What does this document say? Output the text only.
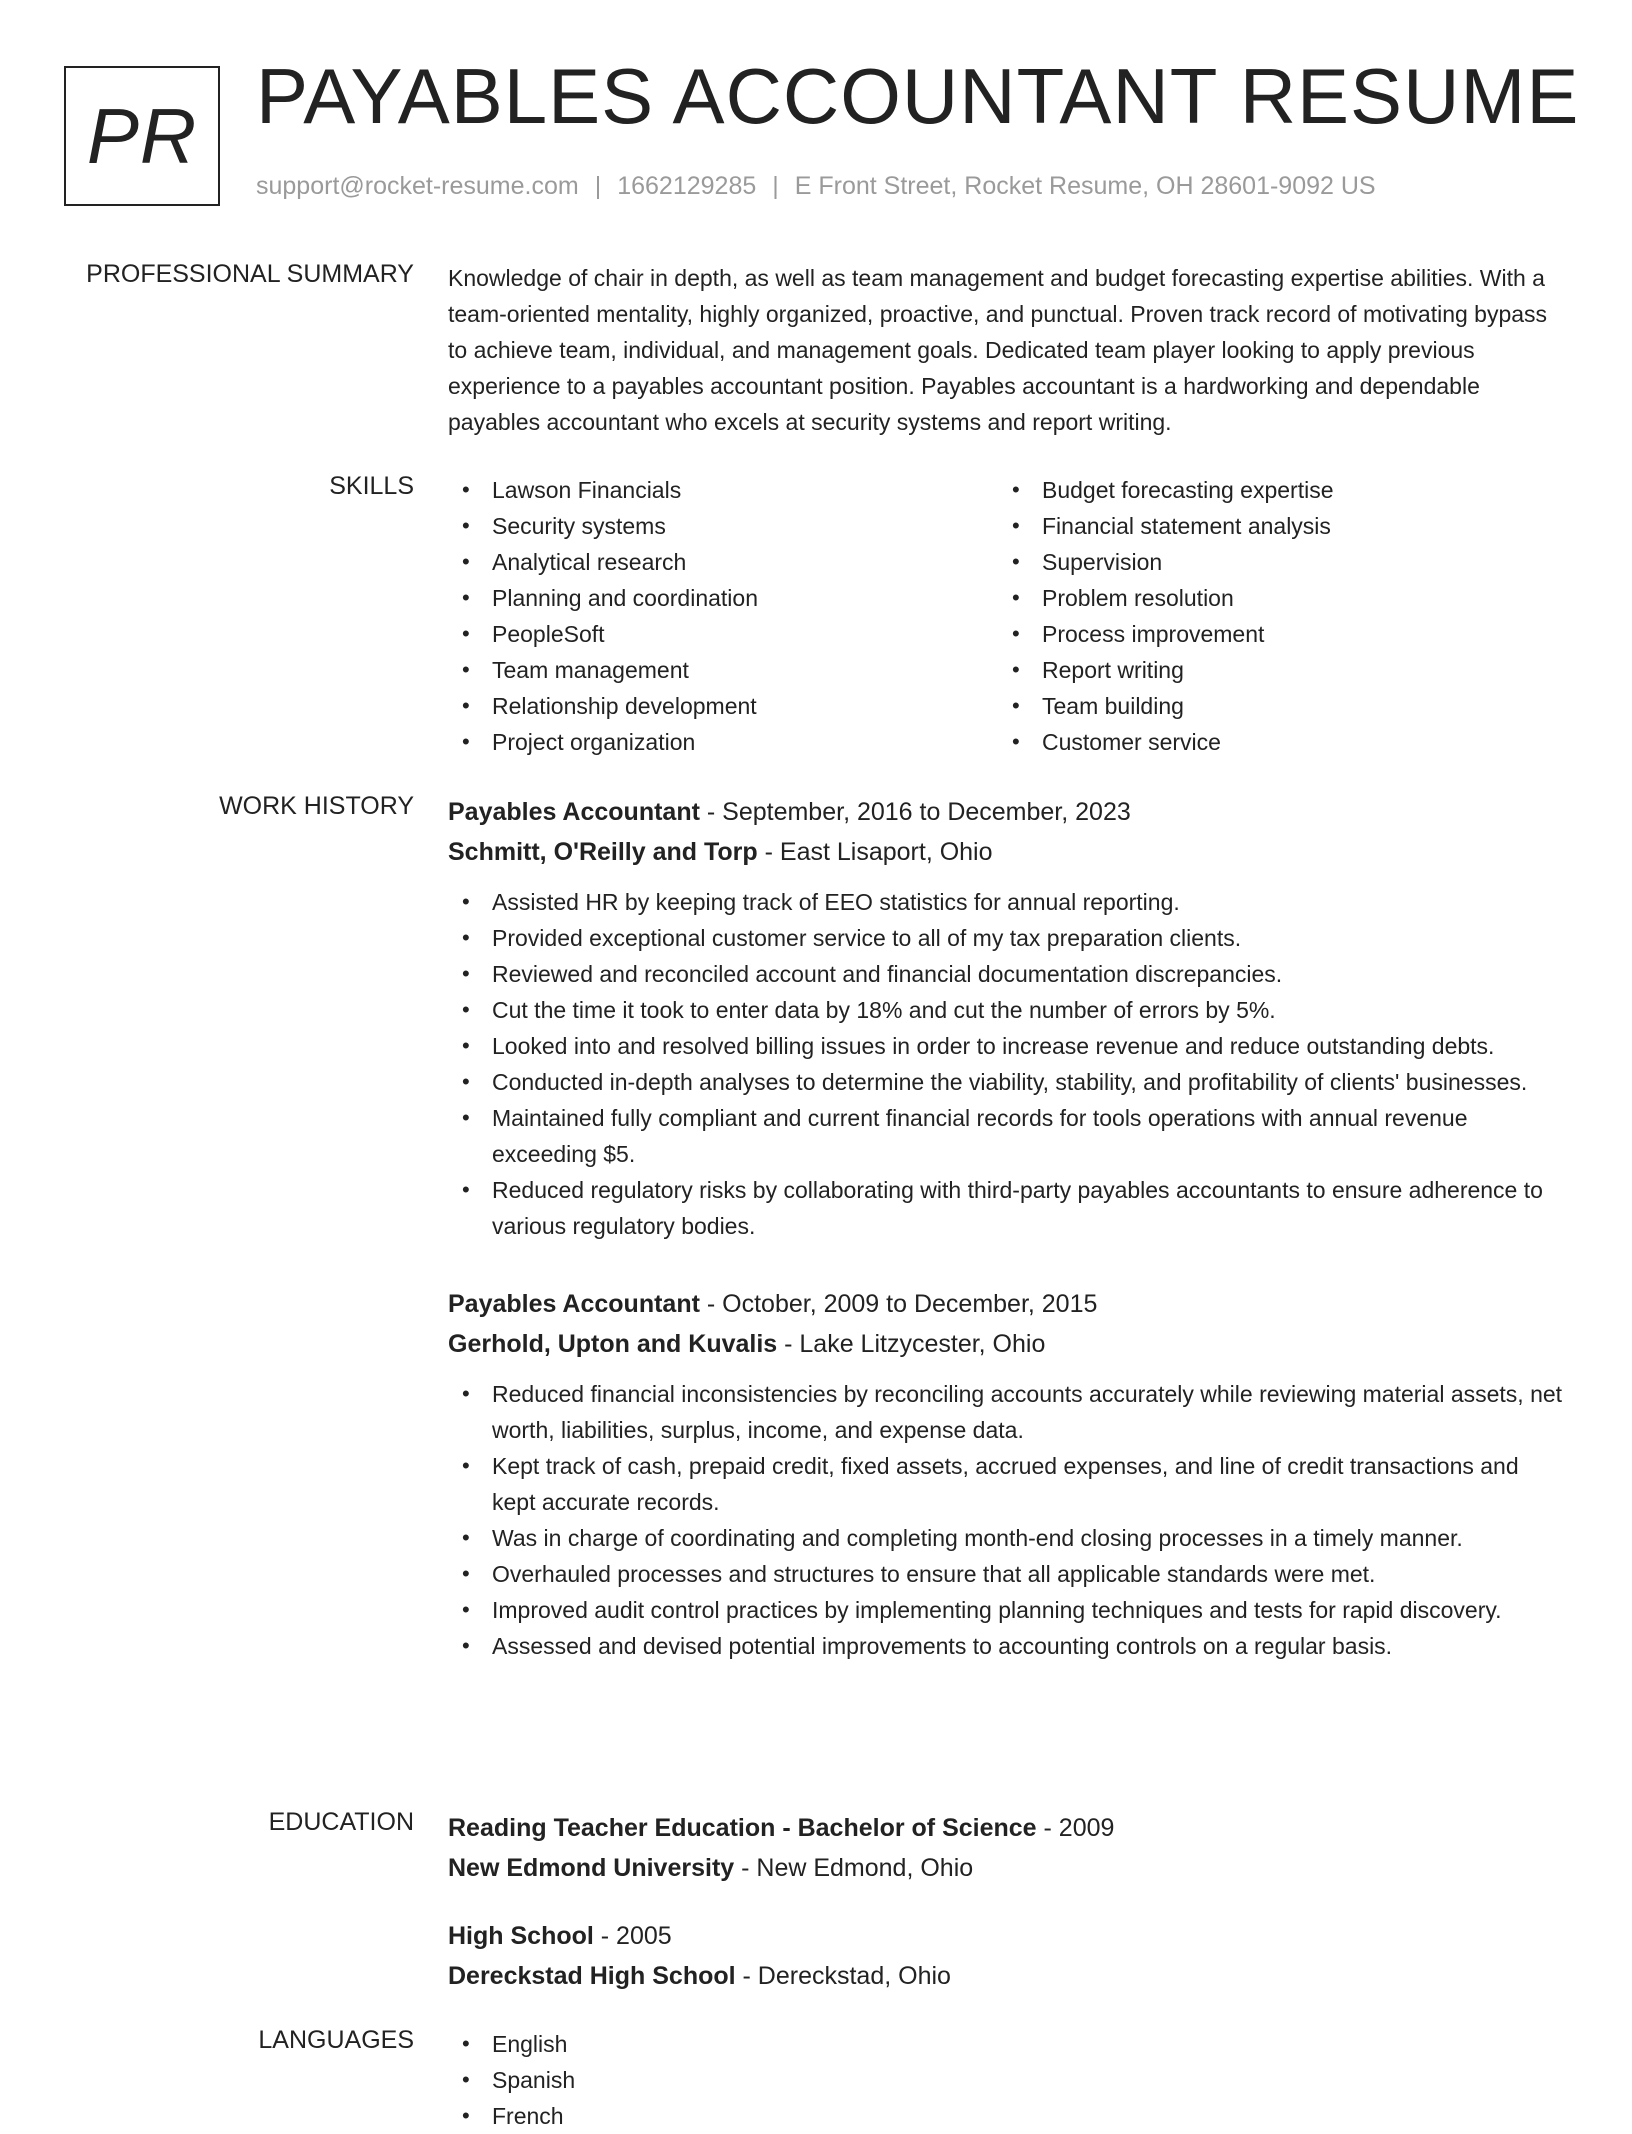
PR PAYABLES ACCOUNTANT RESUME
support@rocket-resume.com | 1662129285 | E Front Street, Rocket Resume, OH 28601-9092 US
PROFESSIONAL SUMMARY Knowledge of chair in depth, as well as team management and budget forecasting expertise abilities. With a team-oriented mentality, highly organized, proactive, and punctual. Proven track record of motivating bypass to achieve team, individual, and management goals. Dedicated team player looking to apply previous experience to a payables accountant position. Payables accountant is a hardworking and dependable payables accountant who excels at security systems and report writing.

SKILLS	• Lawson Financials
• Security systems
• Analytical research
• Planning and coordination
• PeopleSoft
• Team management
• Relationship development
• Project organization
• Budget forecasting expertise
• Financial statement analysis
• Supervision
• Problem resolution
• Process improvement
• Report writing
• Team building
• Customer service
WORK HISTORY Payables Accountant - September, 2016 to December, 2023
Schmitt, O'Reilly and Torp - East Lisaport, Ohio
• Assisted HR by keeping track of EEO statistics for annual reporting.
• Provided exceptional customer service to all of my tax preparation clients.
• Reviewed and reconciled account and financial documentation discrepancies.
• Cut the time it took to enter data by 18% and cut the number of errors by 5%.
• Looked into and resolved billing issues in order to increase revenue and reduce outstanding debts.
• Conducted in-depth analyses to determine the viability, stability, and profitability of clients' businesses.
• Maintained fully compliant and current financial records for tools operations with annual revenue exceeding $5.
• Reduced regulatory risks by collaborating with third-party payables accountants to ensure adherence to various regulatory bodies.
Payables Accountant - October, 2009 to December, 2015
Gerhold, Upton and Kuvalis - Lake Litzycester, Ohio
• Reduced financial inconsistencies by reconciling accounts accurately while reviewing material assets, net worth, liabilities, surplus, income, and expense data.
• Kept track of cash, prepaid credit, fixed assets, accrued expenses, and line of credit transactions and kept accurate records.
• Was in charge of coordinating and completing month-end closing processes in a timely manner.
• Overhauled processes and structures to ensure that all applicable standards were met.
• Improved audit control practices by implementing planning techniques and tests for rapid discovery.
• Assessed and devised potential improvements to accounting controls on a regular basis.
EDUCATION Reading Teacher Education - Bachelor of Science - 2009
New Edmond University - New Edmond, Ohio
High School - 2005
Dereckstad High School - Dereckstad, Ohio
LANGUAGES	• English
• Spanish
• French
